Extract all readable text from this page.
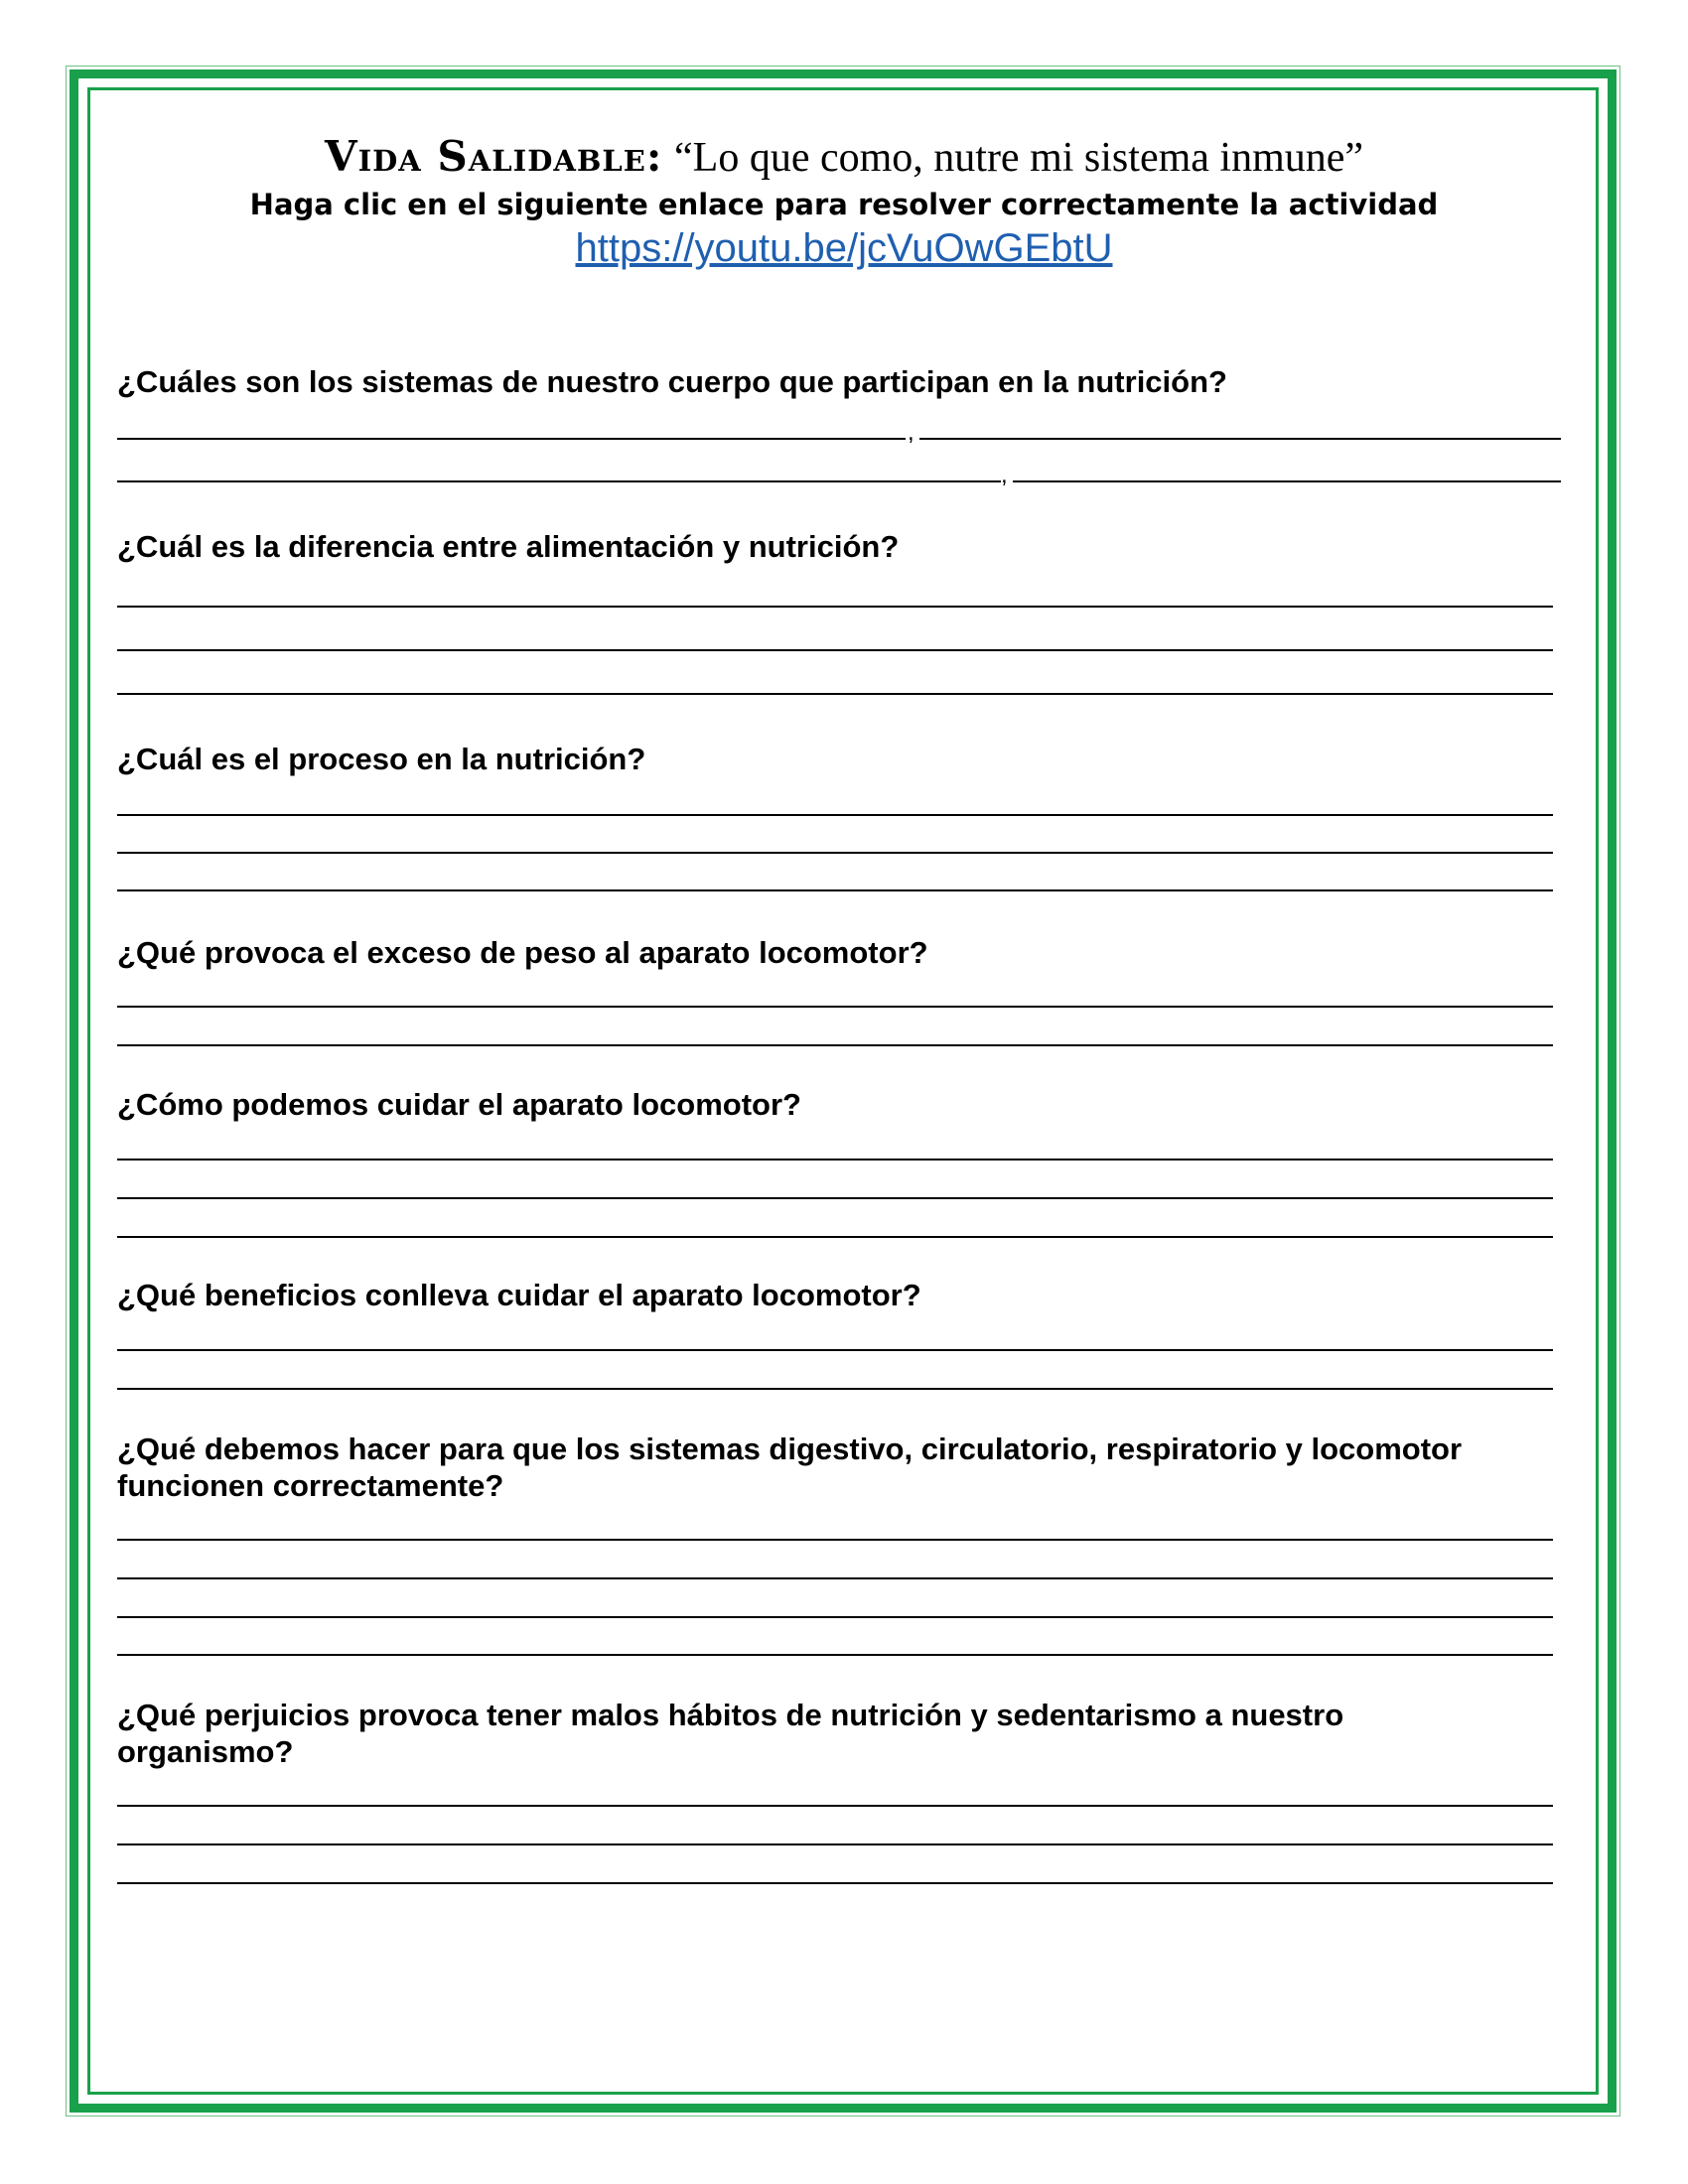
Vida Salidable: “Lo que como, nutre mi sistema inmune”
Haga clic en el siguiente enlace para resolver correctamente la actividad
https://youtu.be/jcVuOwGEbtU
¿Cuáles son los sistemas de nuestro cuerpo que participan en la nutrición?
,
,
¿Cuál es la diferencia entre alimentación y nutrición?
¿Cuál es el proceso en la nutrición?
¿Qué provoca el exceso de peso al aparato locomotor?
¿Cómo podemos cuidar el aparato locomotor?
¿Qué beneficios conlleva cuidar el aparato locomotor?
¿Qué debemos hacer para que los sistemas digestivo, circulatorio, respiratorio y locomotor
funcionen correctamente?
¿Qué perjuicios provoca tener malos hábitos de nutrición y sedentarismo a nuestro
organismo?
